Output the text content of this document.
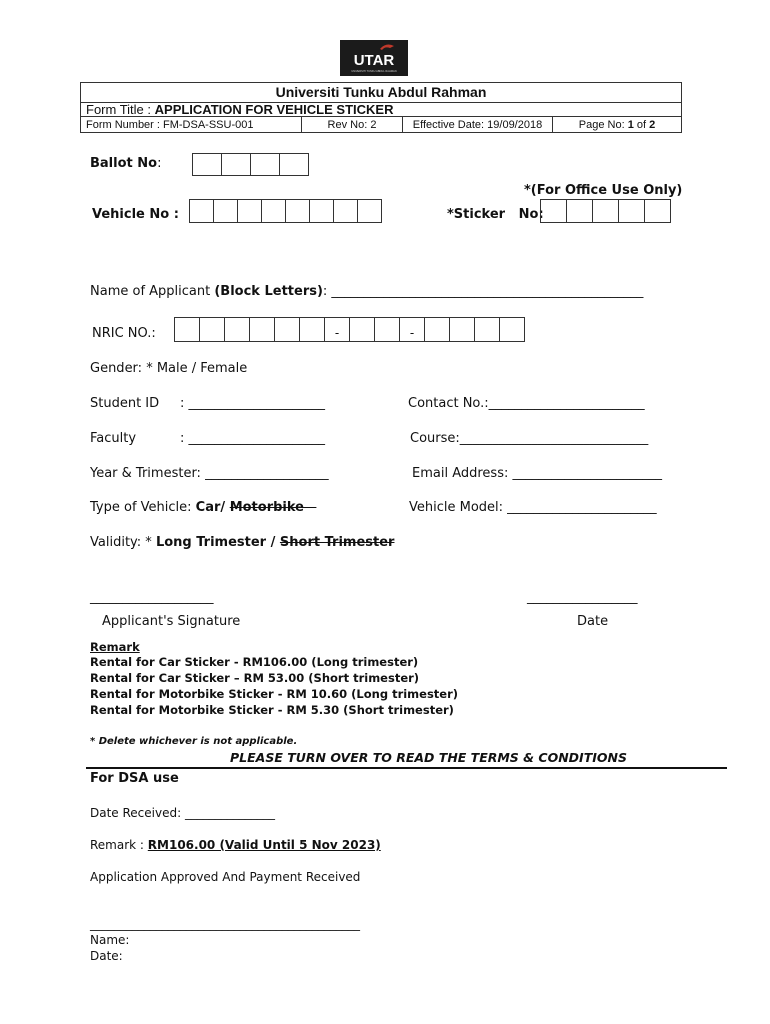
UTAR
UNIVERSITI TUNKU ABDUL RAHMAN
Universiti Tunku Abdul Rahman
Form Title : APPLICATION FOR VEHICLE STICKER
Form Number : FM-DSA-SSU-001	Rev No: 2	Effective Date: 19/09/2018	Page No: 1 of 2
Ballot No:
*(For Office Use Only)
Vehicle No :	*Sticker   No:
Name of Applicant (Block Letters): ________________________________________________
NRIC NO.:	-	-
Gender: * Male / Female
Student ID : _____________________	Contact No.:________________________
Faculty	: _____________________	Course:_____________________________
Year & Trimester: ___________________	Email Address: _______________________
Type of Vehicle: Car/ Motorbike	Vehicle Model: _______________________
Validity: * Long Trimester / Short Trimester
___________________
Applicant's Signature
_________________
Date
Remark
Rental for Car Sticker - RM106.00 (Long trimester)
Rental for Car Sticker – RM 53.00 (Short trimester)
Rental for Motorbike Sticker - RM 10.60 (Long trimester)
Rental for Motorbike Sticker - RM 5.30 (Short trimester)
* Delete whichever is not applicable.
PLEASE TURN OVER TO READ THE TERMS & CONDITIONS
For DSA use
Date Received: _______________
Remark : RM106.00 (Valid Until 5 Nov 2023)
Application Approved And Payment Received
_____________________________________________
Name:
Date:
